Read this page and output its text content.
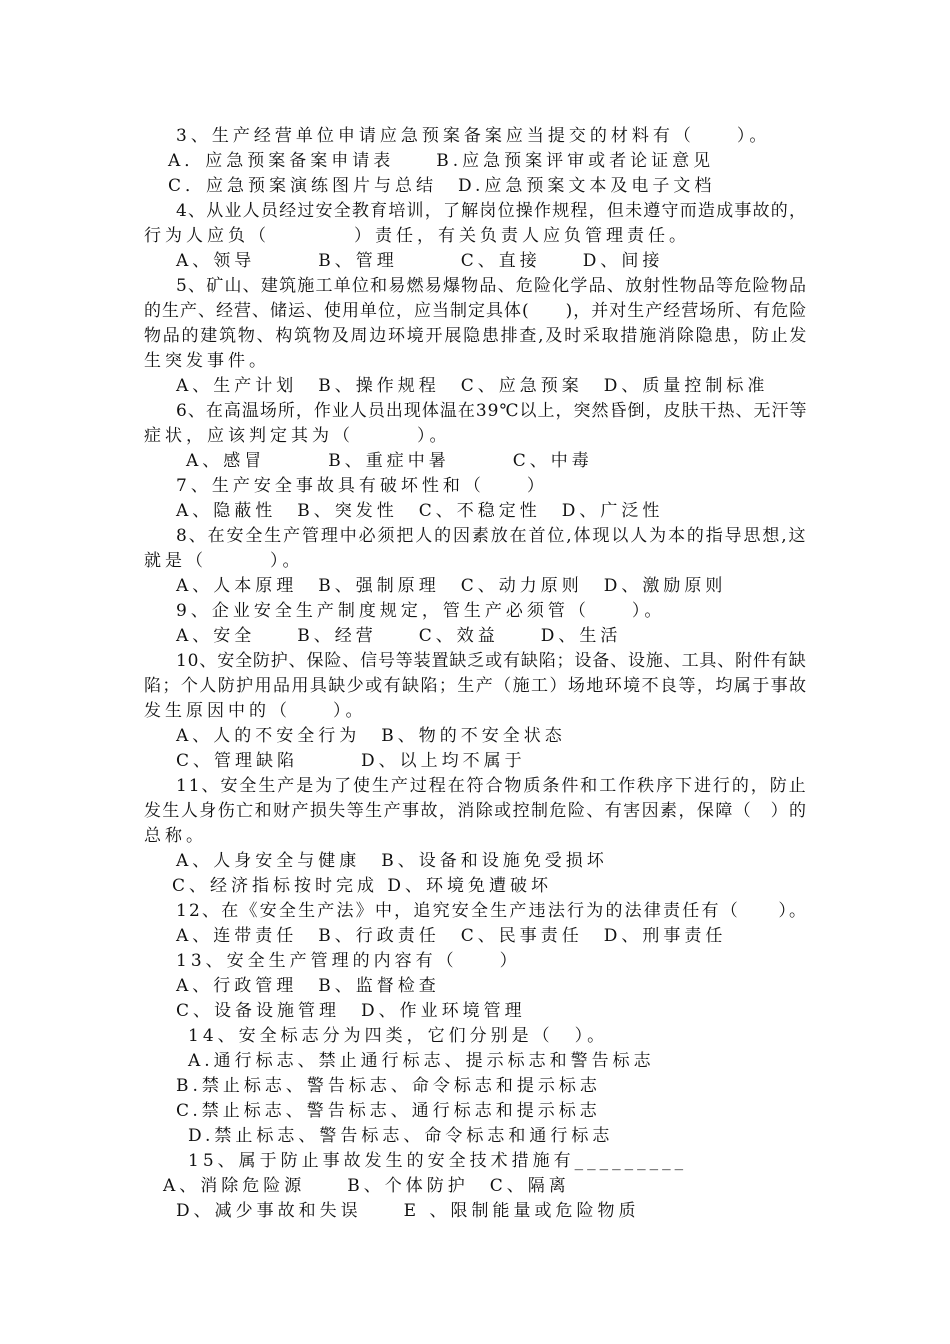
3、生产经营单位申请应急预案备案应当提交的材料有（　　）。
A．应急预案备案申请表　　B.应急预案评审或者论证意见
C．应急预案演练图片与总结　D.应急预案文本及电子文档
4、从业人员经过安全教育培训，了解岗位操作规程，但未遵守而造成事故的，
行为人应负（　　　　）责任，有关负责人应负管理责任。
A、领导　　　B、管理　　　C、直接　　D、间接
5、矿山、建筑施工单位和易燃易爆物品、危险化学品、放射性物品等危险物品
的生产、经营、储运、使用单位，应当制定具体(　　)，并对生产经营场所、有危险
物品的建筑物、构筑物及周边环境开展隐患排查,及时采取措施消除隐患，防止发
生突发事件。
A、生产计划　B、操作规程　C、应急预案　D、质量控制标准
6、在高温场所，作业人员出现体温在39℃以上，突然昏倒，皮肤干热、无汗等
症状，应该判定其为（　　　）。
A、感冒　　　B、重症中暑　　　C、中毒
7、生产安全事故具有破坏性和（　　）
A、隐蔽性　B、突发性　C、不稳定性　D、广泛性
8、在安全生产管理中必须把人的因素放在首位,体现以人为本的指导思想,这
就是（　　　）。
A、人本原理　B、强制原理　C、动力原则　D、激励原则
9、企业安全生产制度规定，管生产必须管（　　）。
A、安全　　B、经营　　C、效益　　D、生活
10、安全防护、保险、信号等装置缺乏或有缺陷；设备、设施、工具、附件有缺
陷；个人防护用品用具缺少或有缺陷；生产（施工）场地环境不良等，均属于事故
发生原因中的（　　）。
A、人的不安全行为　B、物的不安全状态
C、管理缺陷　　　D、以上均不属于
11、安全生产是为了使生产过程在符合物质条件和工作秩序下进行的，防止
发生人身伤亡和财产损失等生产事故，消除或控制危险、有害因素，保障（　）的
总称。
A、人身安全与健康　B、设备和设施免受损坏
C、经济指标按时完成 D、环境免遭破坏
12、在《安全生产法》中，追究安全生产违法行为的法律责任有（　　）。
A、连带责任　B、行政责任　C、民事责任　D、刑事责任
13、安全生产管理的内容有（　　）
A、行政管理　B、监督检查
C、设备设施管理　D、作业环境管理
14、安全标志分为四类，它们分别是（　）。
A.通行标志、禁止通行标志、提示标志和警告标志
B.禁止标志、警告标志、命令标志和提示标志
C.禁止标志、警告标志、通行标志和提示标志
D.禁止标志、警告标志、命令标志和通行标志
15、属于防止事故发生的安全技术措施有_________
A、消除危险源　　B、个体防护　C、隔离
D、减少事故和失误　　E 、限制能量或危险物质
